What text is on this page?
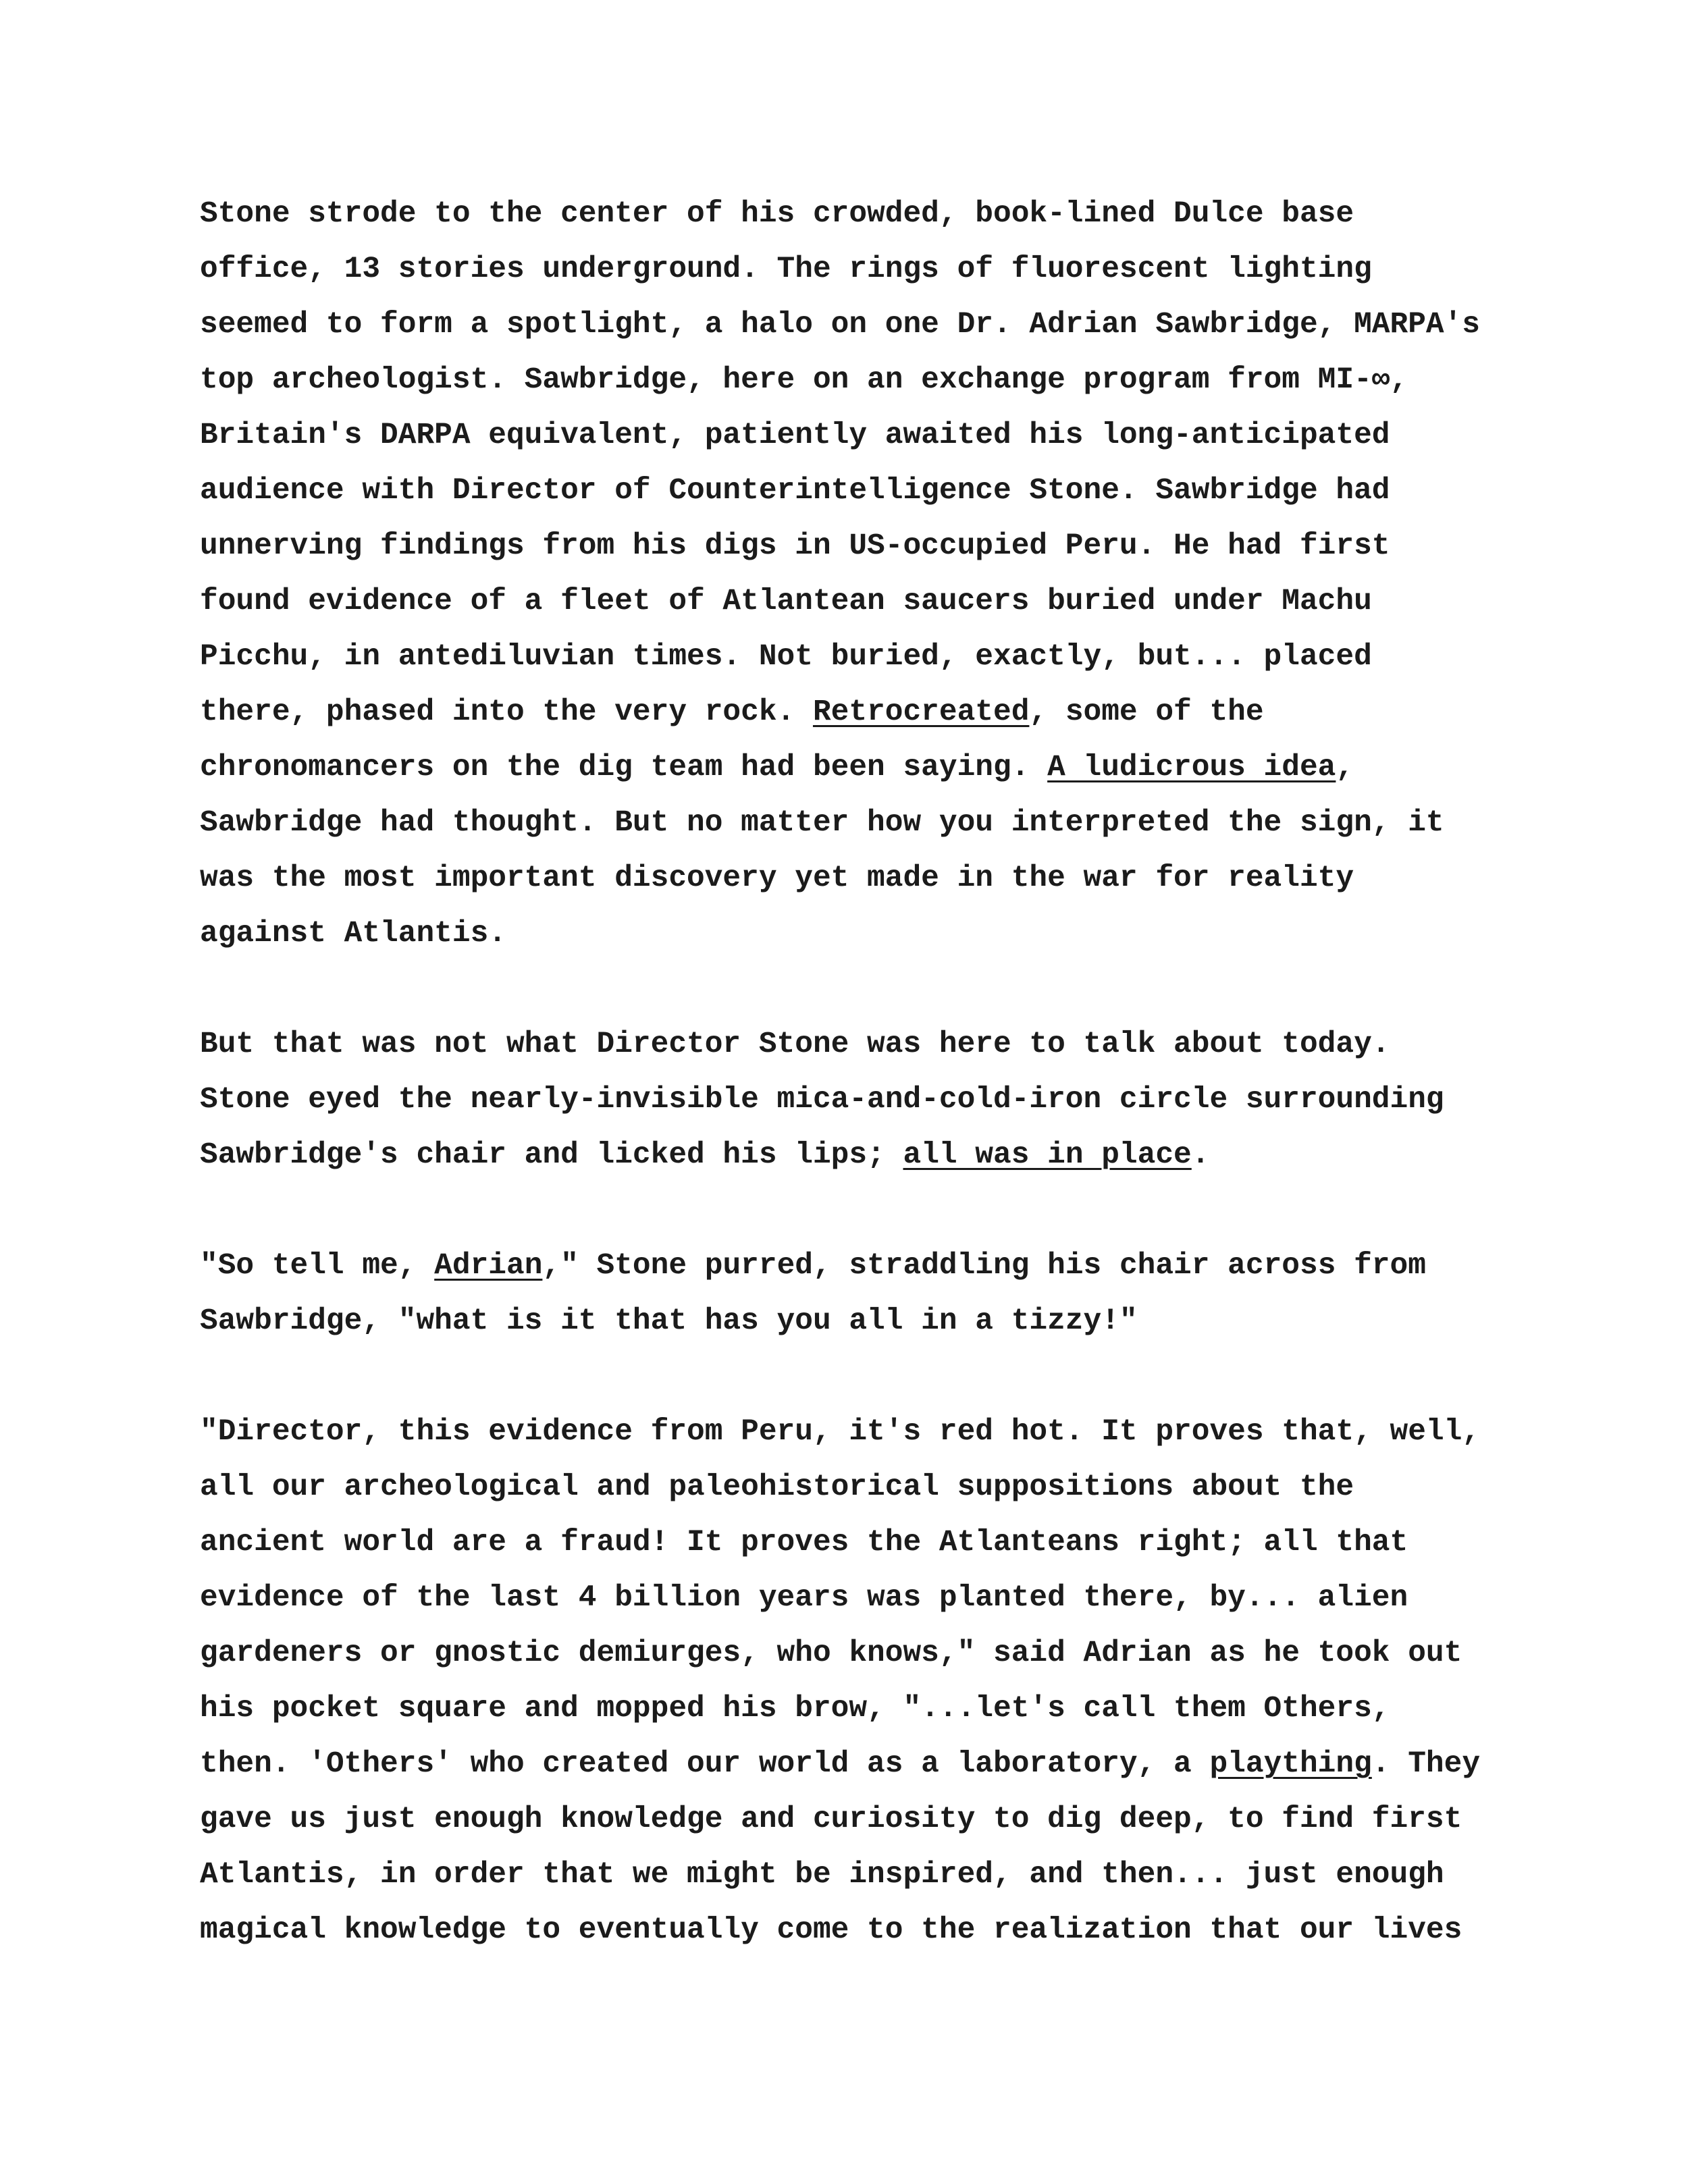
Stone strode to the center of his crowded, book-lined Dulce base
office, 13 stories underground. The rings of fluorescent lighting
seemed to form a spotlight, a halo on one Dr. Adrian Sawbridge, MARPA's
top archeologist. Sawbridge, here on an exchange program from MI-∞,
Britain's DARPA equivalent, patiently awaited his long-anticipated
audience with Director of Counterintelligence Stone. Sawbridge had
unnerving findings from his digs in US-occupied Peru. He had first
found evidence of a fleet of Atlantean saucers buried under Machu
Picchu, in antediluvian times. Not buried, exactly, but... placed
there, phased into the very rock. Retrocreated, some of the
chronomancers on the dig team had been saying. A ludicrous idea,
Sawbridge had thought. But no matter how you interpreted the sign, it
was the most important discovery yet made in the war for reality
against Atlantis.
But that was not what Director Stone was here to talk about today.
Stone eyed the nearly-invisible mica-and-cold-iron circle surrounding
Sawbridge's chair and licked his lips; all was in place.
"So tell me, Adrian," Stone purred, straddling his chair across from
Sawbridge, "what is it that has you all in a tizzy!"
"Director, this evidence from Peru, it's red hot. It proves that, well,
all our archeological and paleohistorical suppositions about the
ancient world are a fraud! It proves the Atlanteans right; all that
evidence of the last 4 billion years was planted there, by... alien
gardeners or gnostic demiurges, who knows," said Adrian as he took out
his pocket square and mopped his brow, "...let's call them Others,
then. 'Others' who created our world as a laboratory, a plaything. They
gave us just enough knowledge and curiosity to dig deep, to find first
Atlantis, in order that we might be inspired, and then... just enough
magical knowledge to eventually come to the realization that our lives
